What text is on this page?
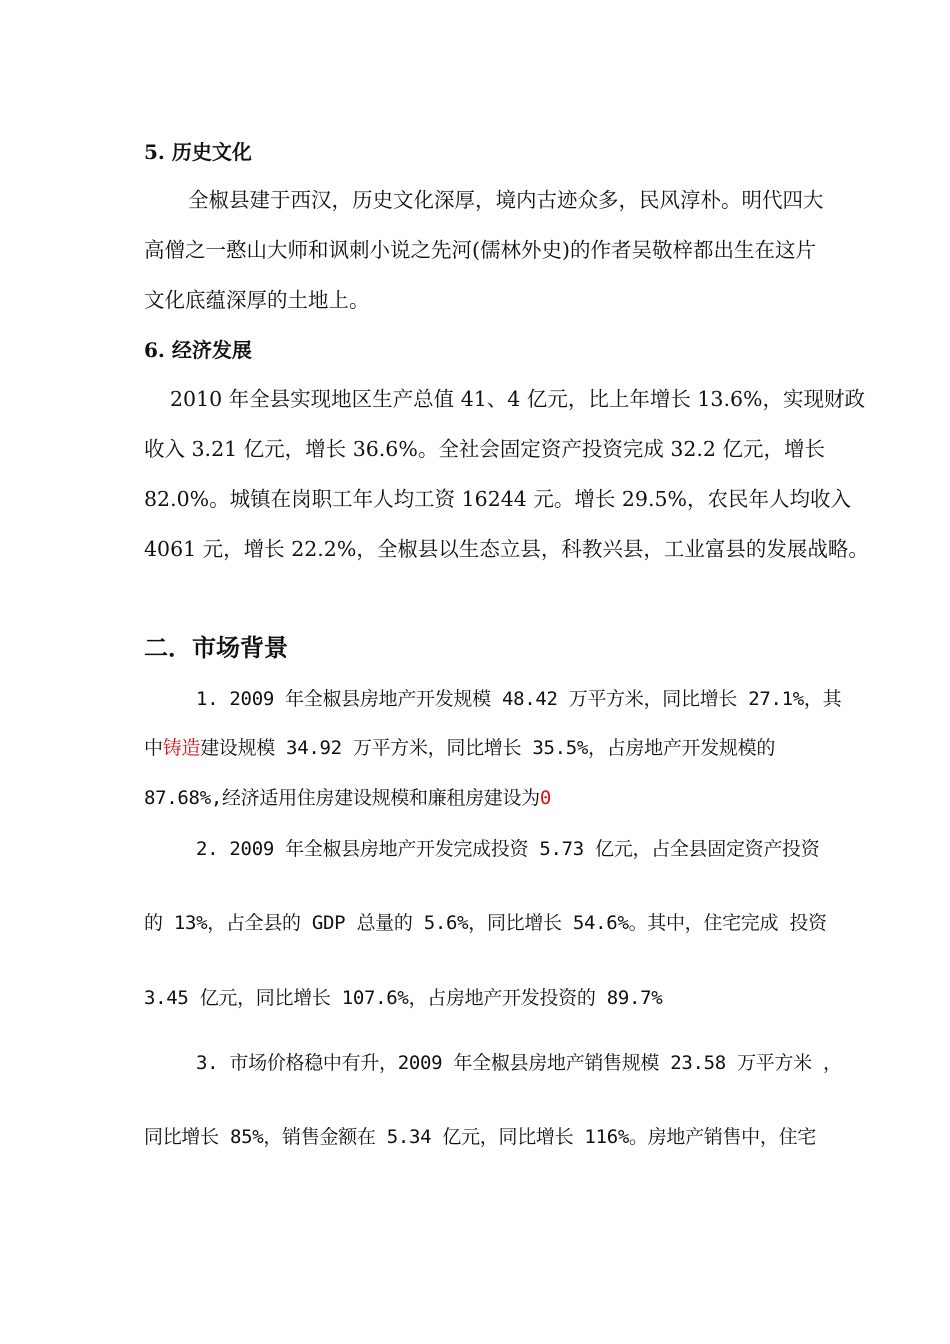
5. 历史文化
全椒县建于西汉，历史文化深厚，境内古迹众多，民风淳朴。明代四大
高僧之一憨山大师和讽刺小说之先河(儒林外史)的作者吴敬梓都出生在这片
文化底蕴深厚的土地上。
6. 经济发展
2010 年全县实现地区生产总值 41、4 亿元，比上年增长 13.6%，实现财政
收入 3.21 亿元，增长 36.6%。全社会固定资产投资完成 32.2 亿元，增长
82.0%。城镇在岗职工年人均工资 16244 元。增长 29.5%，农民年人均收入
4061 元，增长 22.2%，全椒县以生态立县，科教兴县，工业富县的发展战略。
二．市场背景
1. 2009 年全椒县房地产开发规模 48.42 万平方米，同比增长 27.1%，其
中铸造建设规模 34.92 万平方米，同比增长 35.5%，占房地产开发规模的
87.68%,经济适用住房建设规模和廉租房建设为0
2. 2009 年全椒县房地产开发完成投资 5.73 亿元，占全县固定资产投资
的 13%，占全县的 GDP 总量的 5.6%，同比增长 54.6%。其中，住宅完成 投资
3.45 亿元，同比增长 107.6%，占房地产开发投资的 89.7%
3. 市场价格稳中有升，2009 年全椒县房地产销售规模 23.58 万平方米 ，
同比增长 85%，销售金额在 5.34 亿元，同比增长 116%。房地产销售中，住宅
